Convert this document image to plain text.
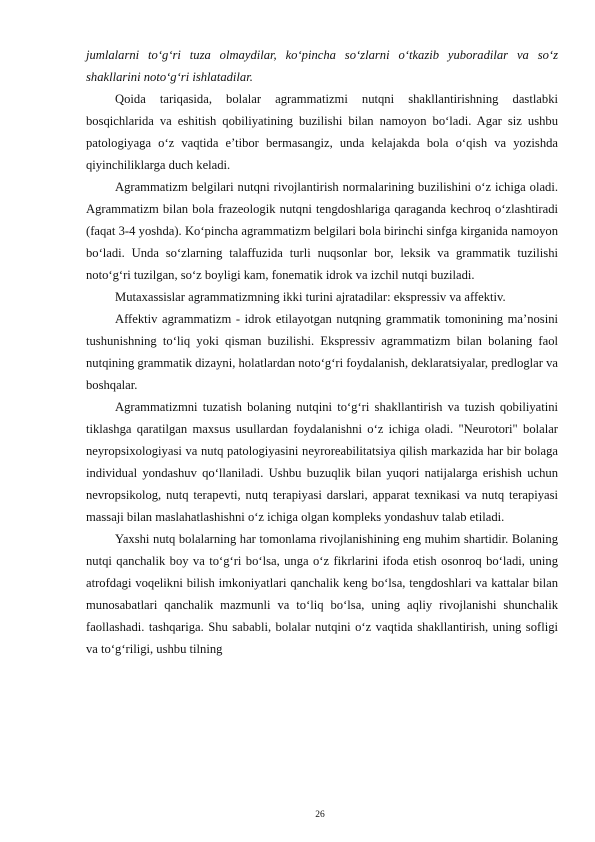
jumlalarni to‘g‘ri tuza olmaydilar, ko‘pincha so‘zlarni o‘tkazib yuboradilar va so‘z shakllarini noto‘g‘ri ishlatadilar.

Qoida tariqasida, bolalar agrammatizmi nutqni shakllantirishning dastlabki bosqichlarida va eshitish qobiliyatining buzilishi bilan namoyon bo‘ladi. Agar siz ushbu patologiyaga o‘z vaqtida e’tibor bermasangiz, unda kelajakda bola o‘qish va yozishda qiyinchiliklarga duch keladi.

Agrammatizm belgilari nutqni rivojlantirish normalarining buzilishini o‘z ichiga oladi. Agrammatizm bilan bola frazeologik nutqni tengdoshlariga qaraganda kechroq o‘zlashtiradi (faqat 3-4 yoshda). Ko‘pincha agrammatizm belgilari bola birinchi sinfga kirganida namoyon bo‘ladi. Unda so‘zlarning talaffuzida turli nuqsonlar bor, leksik va grammatik tuzilishi noto‘g‘ri tuzilgan, so‘z boyligi kam, fonematik idrok va izchil nutqi buziladi.

Mutaxassislar agrammatizmning ikki turini ajratadilar: ekspressiv va affektiv.

Affektiv agrammatizm - idrok etilayotgan nutqning grammatik tomonining ma’nosini tushunishning to‘liq yoki qisman buzilishi. Ekspressiv agrammatizm bilan bolaning faol nutqining grammatik dizayni, holatlardan noto‘g‘ri foydalanish, deklaratsiyalar, predloglar va boshqalar.

Agrammatizmni tuzatish bolaning nutqini to‘g‘ri shakllantirish va tuzish qobiliyatini tiklashga qaratilgan maxsus usullardan foydalanishni o‘z ichiga oladi. "Neurotori" bolalar neyropsixologiyasi va nutq patologiyasini neyroreabilitatsiya qilish markazida har bir bolaga individual yondashuv qo‘llaniladi. Ushbu buzuqlik bilan yuqori natijalarga erishish uchun nevropsikolog, nutq terapevti, nutq terapiyasi darslari, apparat texnikasi va nutq terapiyasi massaji bilan maslahatlashishni o‘z ichiga olgan kompleks yondashuv talab etiladi.

Yaxshi nutq bolalarning har tomonlama rivojlanishining eng muhim shartidir. Bolaning nutqi qanchalik boy va to‘g‘ri bo‘lsa, unga o‘z fikrlarini ifoda etish osonroq bo‘ladi, uning atrofdagi voqelikni bilish imkoniyatlari qanchalik keng bo‘lsa, tengdoshlari va kattalar bilan munosabatlari qanchalik mazmunli va to‘liq bo‘lsa, uning aqliy rivojlanishi shunchalik faollashadi. tashqariga. Shu sababli, bolalar nutqini o‘z vaqtida shakllantirish, uning sofligi va to‘g‘riligi, ushbu tilning

26
